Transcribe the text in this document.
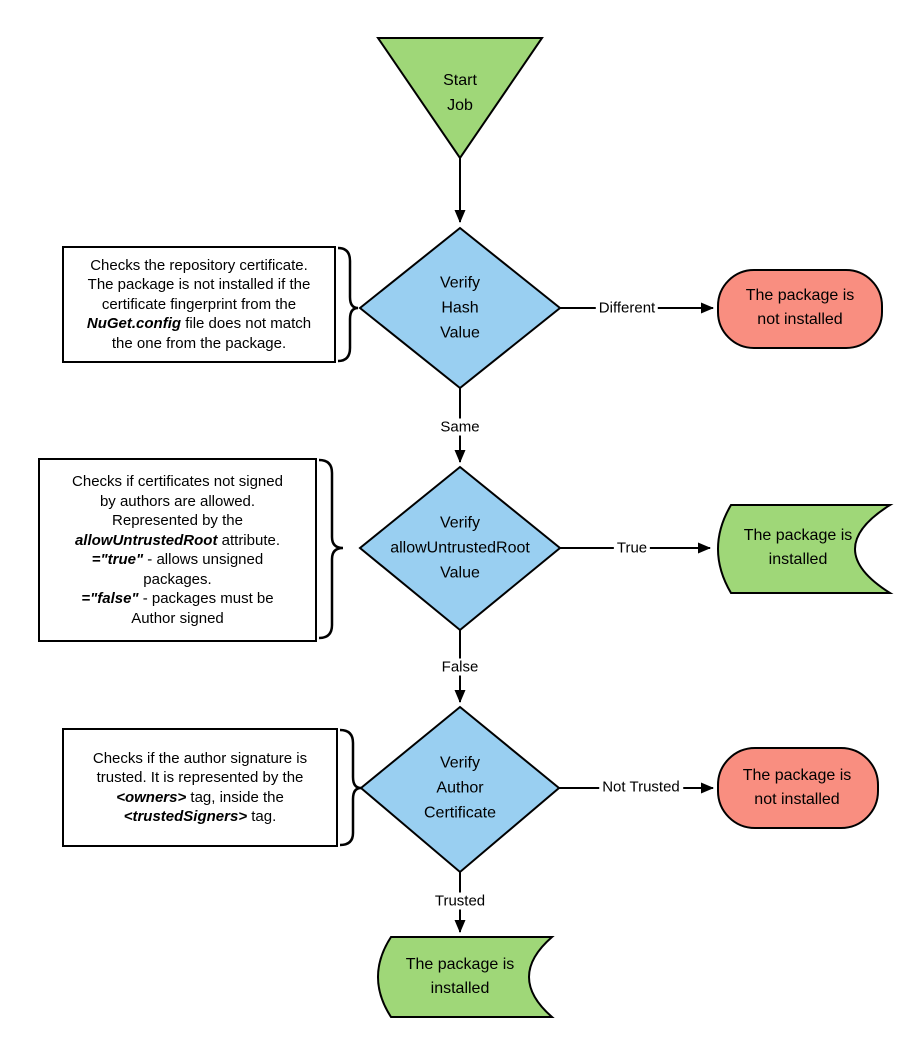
Start
Job
Verify
Hash
Value
The package is
not installed
Verify
allowUntrustedRoot
Value
The package is
installed
Verify
Author
Certificate
The package is
not installed
The package is
installed
Different
Same
True
False
Not Trusted
Trusted
Checks the repository certificate.
The package is not installed if the
certificate fingerprint from the
NuGet.config file does not match
the one from the package.
Checks if certificates not signed
by authors are allowed.
Represented by the
allowUntrustedRoot attribute.
="true" - allows unsigned
packages.
="false" - packages must be
Author signed
Checks if the author signature is
trusted. It is represented by the
<owners> tag, inside the
<trustedSigners> tag.
